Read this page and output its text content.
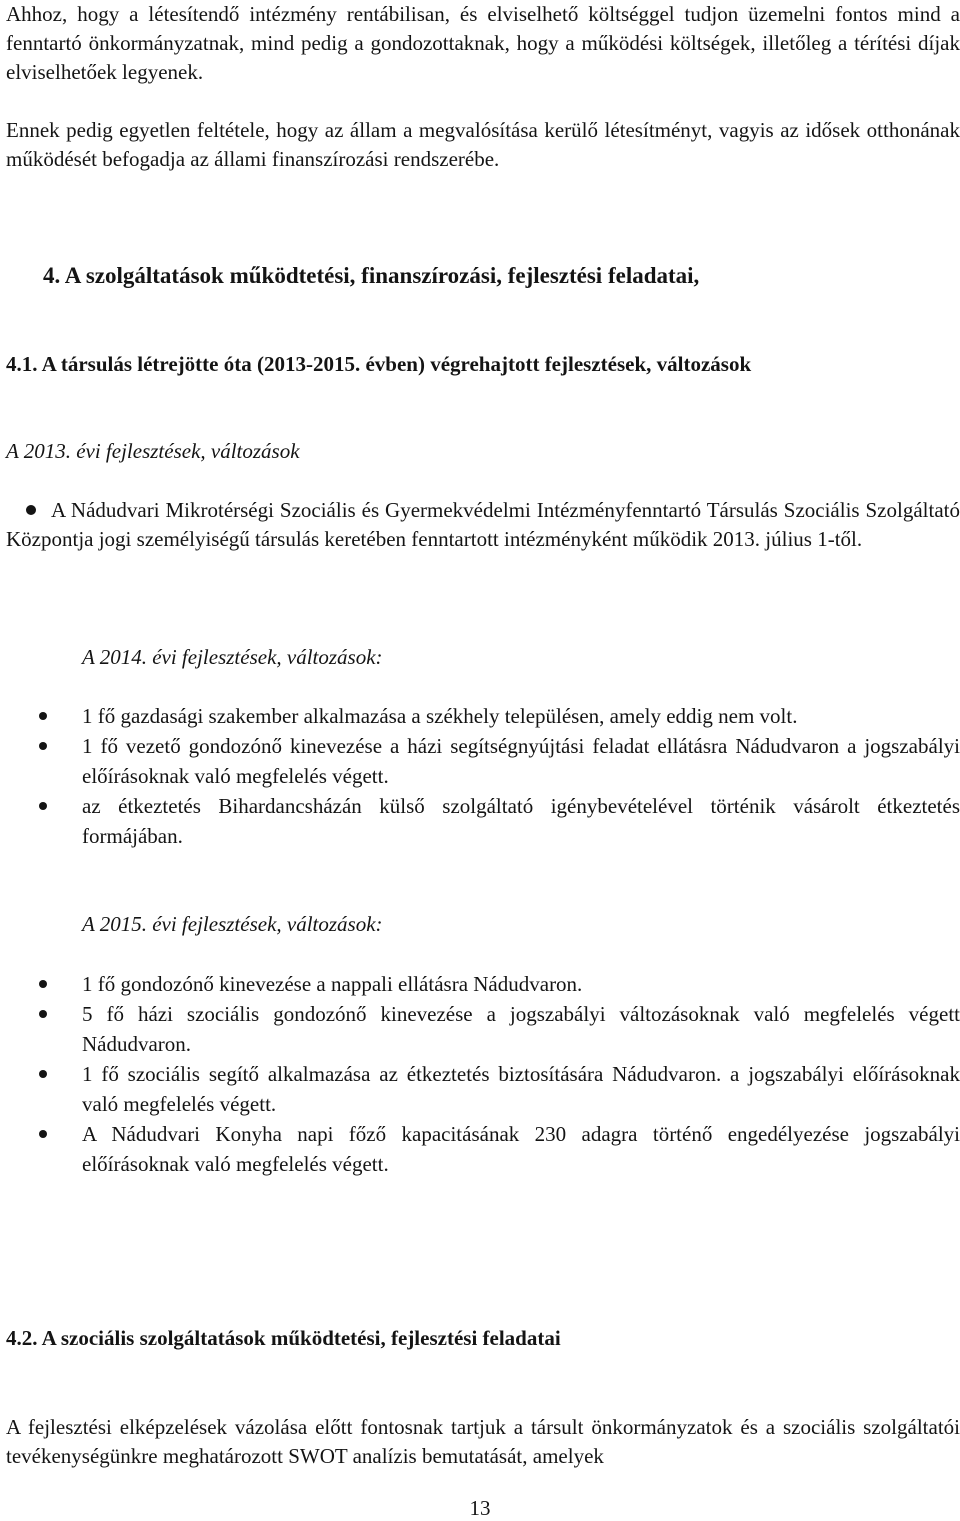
Ahhoz, hogy a létesítendő intézmény rentábilisan, és elviselhető költséggel tudjon üzemelni fontos mind a fenntartó önkormányzatnak, mind pedig a gondozottaknak, hogy a működési költségek, illetőleg a térítési díjak elviselhetőek legyenek.

Ennek pedig egyetlen feltétele, hogy az állam a megvalósítása kerülő létesítményt, vagyis az idősek otthonának működését befogadja az állami finanszírozási rendszerébe.

4. A szolgáltatások működtetési, finanszírozási, fejlesztési feladatai,
4.1. A társulás létrejötte óta (2013-2015. évben) végrehajtott fejlesztések, változások
A 2013. évi fejlesztések, változások
A Nádudvari Mikrotérségi Szociális és Gyermekvédelmi Intézményfenntartó Társulás Szociális Szolgáltató Központja jogi személyiségű társulás keretében fenntartott intézményként működik 2013. július 1-től.
A 2014. évi fejlesztések, változások:
1 fő gazdasági szakember alkalmazása a székhely településen, amely eddig nem volt.
1 fő vezető gondozónő kinevezése a házi segítségnyújtási feladat ellátásra Nádudvaron a jogszabályi előírásoknak való megfelelés végett.
az étkeztetés Bihardancsházán külső szolgáltató igénybevételével történik vásárolt étkeztetés formájában.
A 2015. évi fejlesztések, változások:
1 fő gondozónő kinevezése a nappali ellátásra Nádudvaron.
5 fő házi szociális gondozónő kinevezése a jogszabályi változásoknak való megfelelés végett Nádudvaron.
1 fő szociális segítő alkalmazása az étkeztetés biztosítására Nádudvaron. a jogszabályi előírásoknak való megfelelés végett.
A Nádudvari Konyha napi főző kapacitásának 230 adagra történő engedélyezése jogszabályi előírásoknak való megfelelés végett.
4.2. A szociális szolgáltatások működtetési, fejlesztési feladatai

A fejlesztési elképzelések vázolása előtt fontosnak tartjuk a társult önkormányzatok és a szociális szolgáltatói tevékenységünkre meghatározott SWOT analízis bemutatását, amelyek

13
